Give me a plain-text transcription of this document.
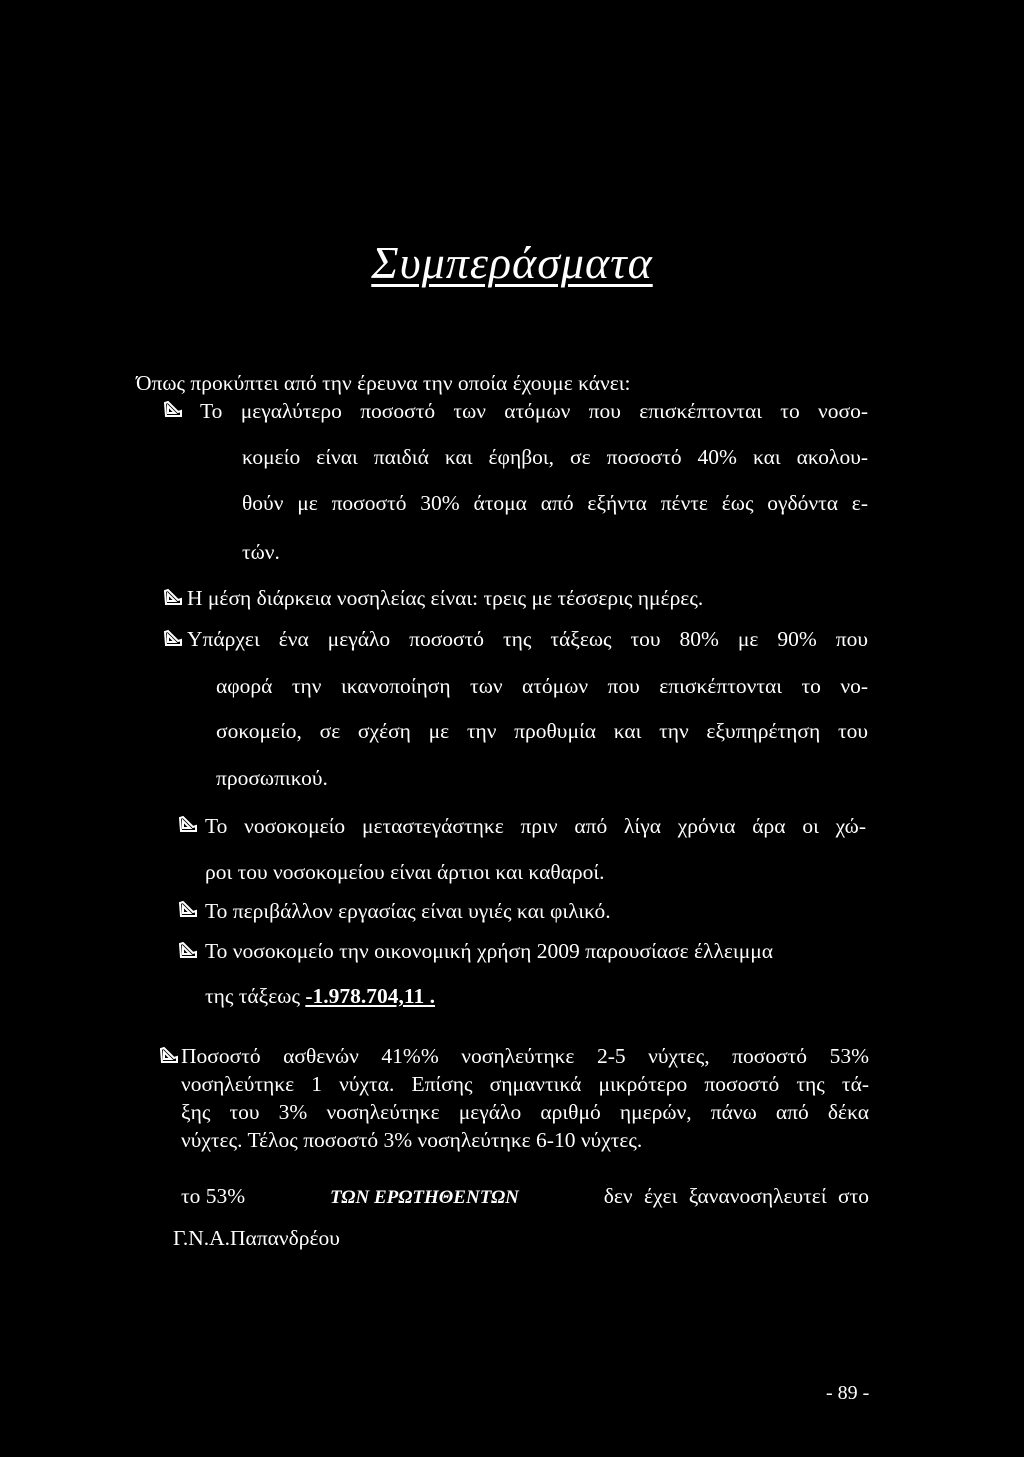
Συμπεράσματα
Όπως προκύπτει από την έρευνα την οποία έχουμε κάνει:
Το μεγαλύτερο ποσοστό των ατόμων που επισκέπτονται το νοσο-
κομείο είναι παιδιά και έφηβοι, σε ποσοστό 40% και ακολου-
θούν με ποσοστό 30% άτομα από εξήντα πέντε έως ογδόντα ε-
τών.
Η μέση διάρκεια νοσηλείας είναι: τρεις με τέσσερις ημέρες.
Υπάρχει ένα μεγάλο ποσοστό της τάξεως του 80% με 90% που
αφορά την ικανοποίηση των ατόμων που επισκέπτονται το νο-
σοκομείο, σε σχέση με την προθυμία και την εξυπηρέτηση του
προσωπικού.
Το νοσοκομείο μεταστεγάστηκε πριν από λίγα χρόνια άρα οι χώ-
ροι του νοσοκομείου είναι άρτιοι και καθαροί.
Το περιβάλλον εργασίας είναι υγιές και φιλικό.
Το νοσοκομείο την οικονομική χρήση 2009 παρουσίασε έλλειμμα
της τάξεως -1.978.704,11 .
Ποσοστό ασθενών 41%% νοσηλεύτηκε 2-5 νύχτες, ποσοστό 53%
νοσηλεύτηκε 1 νύχτα. Επίσης σημαντικά μικρότερο ποσοστό της τά-
ξης του 3% νοσηλεύτηκε μεγάλο αριθμό ημερών, πάνω από δέκα
νύχτες. Τέλος ποσοστό 3% νοσηλεύτηκε 6-10 νύχτες.
το 53%	ΤΩΝ ΕΡΩΤΗΘΕΝΤΩΝ	δεν έχει ξανανοσηλευτεί στο
Γ.Ν.Α.Παπανδρέου
- 89 -
